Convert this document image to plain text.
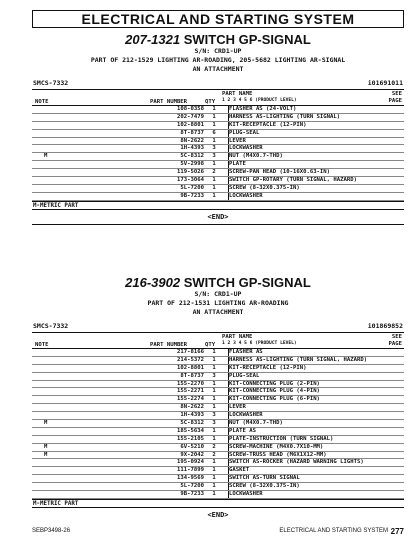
ELECTRICAL AND STARTING SYSTEM
207-1321 SWITCH GP-SIGNAL
S/N: CRD1-UP
PART OF 212-1529 LIGHTING AR-ROADING, 205-5682 LIGHTING AR-SIGNAL
AN ATTACHMENT
SMCS-7332	i01691011
PART NAME
1 2 3 4 5 6 (PRODUCT LEVEL)
NOTE	PART NUMBER	QTY
SEE
PAGE
108-0358	1	FLASHER AS (24-VOLT)
202-7479	1	HARNESS AS-LIGHTING (TURN SIGNAL)
102-8801	1	KIT-RECEPTACLE (12-PIN)
8T-8737	6	PLUG-SEAL
8N-2622	1	LEVER
1H-4393	3	LOCKWASHER
M	5C-8312	3	NUT (M4X0.7-THD)
5V-2998	1	PLATE
119-5026	2	SCREW-PAN HEAD (10-16X0.63-IN)
173-3064	1	SWITCH GP-ROTARY (TURN SIGNAL, HAZARD)
5L-7200	1	SCREW (8-32X0.375-IN)
9B-7233	1	LOCKWASHER
M-METRIC PART
<END>
216-3902 SWITCH GP-SIGNAL
S/N: CRD1-UP
PART OF 212-1531 LIGHTING AR-ROADING
AN ATTACHMENT
SMCS-7332	i01869852
PART NAME
1 2 3 4 5 6 (PRODUCT LEVEL)
NOTE	PART NUMBER	QTY
SEE
PAGE
217-8166	1	FLASHER AS
214-5372	1	HARNESS AS-LIGHTING (TURN SIGNAL, HAZARD)
102-8801	1	KIT-RECEPTACLE (12-PIN)
8T-8737	3	PLUG-SEAL
155-2270	1	KIT-CONNECTING PLUG (2-PIN)
155-2271	1	KIT-CONNECTING PLUG (4-PIN)
155-2274	1	KIT-CONNECTING PLUG (6-PIN)
8N-2622	1	LEVER
1H-4393	3	LOCKWASHER
M	5C-8312	3	NUT (M4X0.7-THD)
185-5634	1	PLATE AS
155-2105	1	PLATE-INSTRUCTION (TURN SIGNAL)
M	6V-5210	2	SCREW-MACHINE (M4X0.7X10-MM)
M	9X-2042	2	SCREW-TRUSS HEAD (M6X1X12-MM)
195-0924	1	SWITCH AS-ROCKER (HAZARD WARNING LIGHTS)
111-7899	1	GASKET
134-9569	1	SWITCH AS-TURN SIGNAL
5L-7200	1	SCREW (8-32X0.375-IN)
9B-7233	1	LOCKWASHER
M-METRIC PART
<END>
SEBP3498-26	ELECTRICAL AND STARTING SYSTEM 277
